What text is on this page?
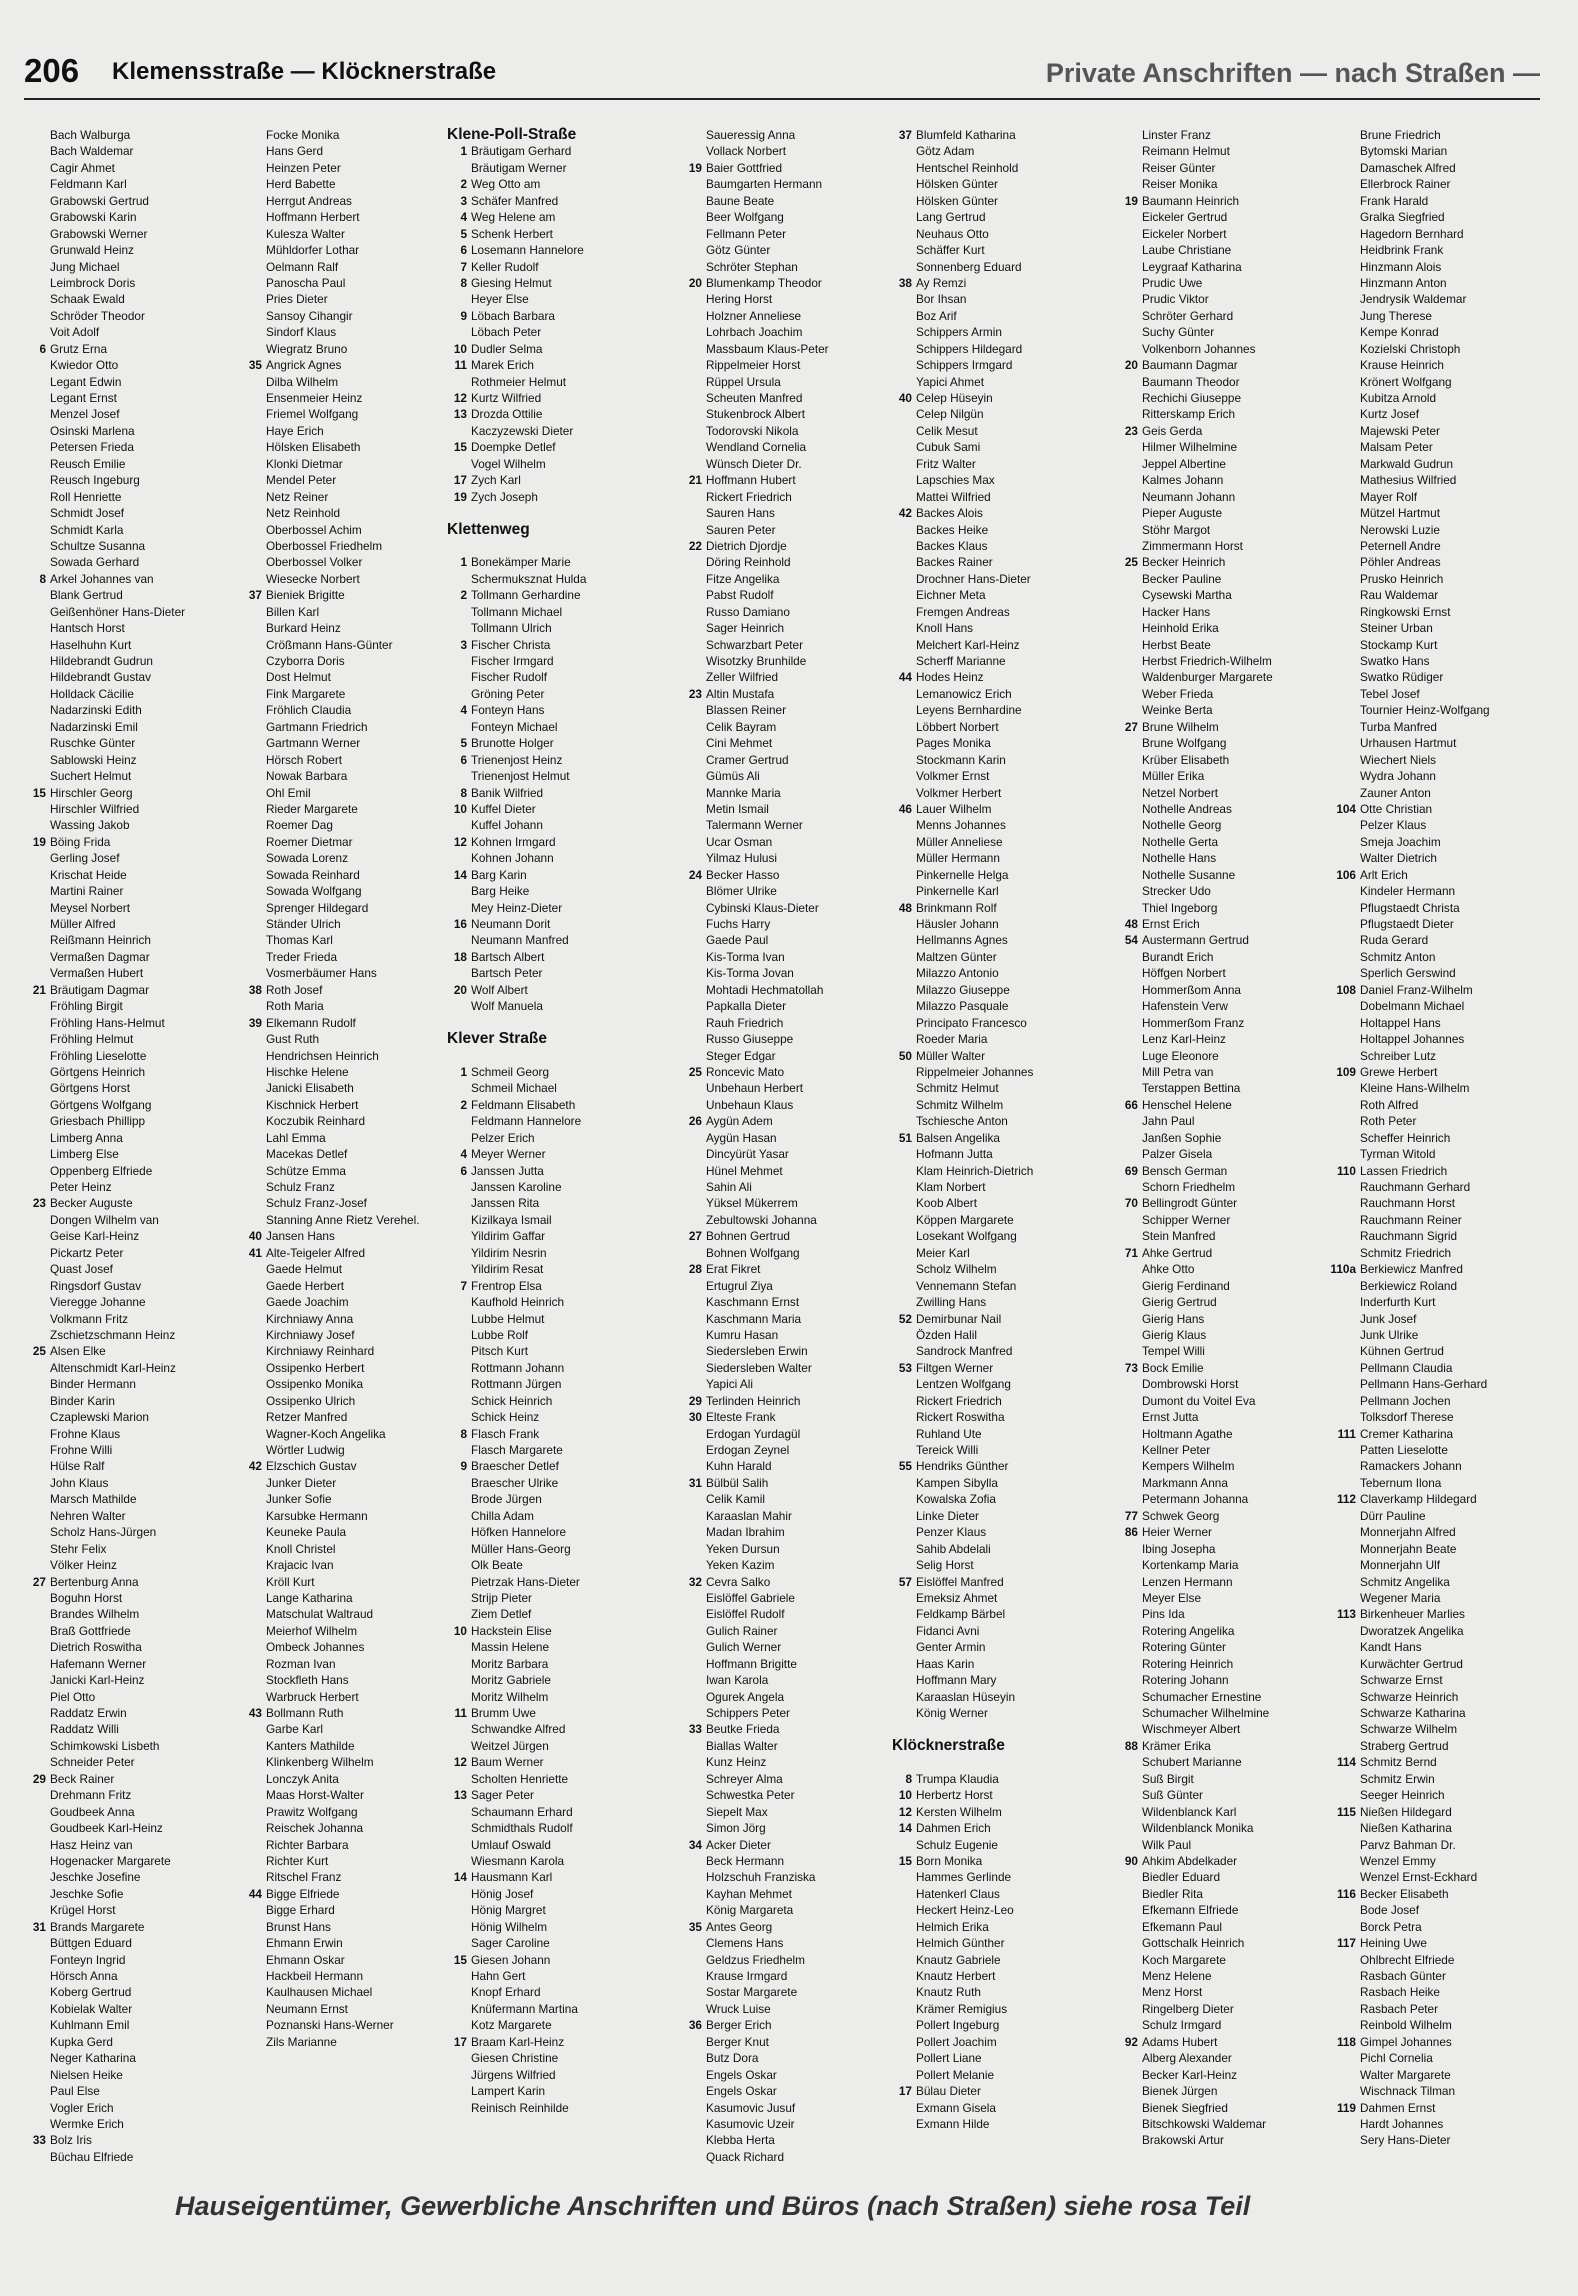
206 Klemensstraße — Klöcknerstraße	Private Anschriften — nach Straßen —
Bach Walburga
Bach Waldemar
Cagir Ahmet
Feldmann Karl
Grabowski Gertrud
Grabowski Karin
Grabowski Werner
Grunwald Heinz
Jung Michael
Leimbrock Doris
Schaak Ewald
Schröder Theodor
Voit Adolf
6 Grutz Erna
Kwiedor Otto
Legant Edwin
Legant Ernst
Menzel Josef
Osinski Marlena
Petersen Frieda
Reusch Emilie
Reusch Ingeburg
Roll Henriette
Schmidt Josef
Schmidt Karla
Schultze Susanna
Sowada Gerhard
8 Arkel Johannes van
Blank Gertrud
Geißenhöner Hans-Dieter
Hantsch Horst
Haselhuhn Kurt
Hildebrandt Gudrun
Hildebrandt Gustav
Holldack Cäcilie
Nadarzinski Edith
Nadarzinski Emil
Ruschke Günter
Sablowski Heinz
Suchert Helmut
15 Hirschler Georg
Hirschler Wilfried
Wassing Jakob
19 Böing Frida
Gerling Josef
Krischat Heide
Martini Rainer
Meysel Norbert
Müller Alfred
Reißmann Heinrich
Vermaßen Dagmar
Vermaßen Hubert
21 Bräutigam Dagmar
Fröhling Birgit
Fröhling Hans-Helmut
Fröhling Helmut
Fröhling Lieselotte
Görtgens Heinrich
Görtgens Horst
Görtgens Wolfgang
Griesbach Phillipp
Limberg Anna
Limberg Else
Oppenberg Elfriede
Peter Heinz
23 Becker Auguste
Dongen Wilhelm van
Geise Karl-Heinz
Pickartz Peter
Quast Josef
Ringsdorf Gustav
Vieregge Johanne
Volkmann Fritz
Zschietzschmann Heinz
25 Alsen Elke
Altenschmidt Karl-Heinz
Binder Hermann
Binder Karin
Czaplewski Marion
Frohne Klaus
Frohne Willi
Hülse Ralf
John Klaus
Marsch Mathilde
Nehren Walter
Scholz Hans-Jürgen
Stehr Felix
Völker Heinz
27 Bertenburg Anna
Boguhn Horst
Brandes Wilhelm
Braß Gottfriede
Dietrich Roswitha
Hafemann Werner
Janicki Karl-Heinz
Piel Otto
Raddatz Erwin
Raddatz Willi
Schimkowski Lisbeth
Schneider Peter
29 Beck Rainer
Drehmann Fritz
Goudbeek Anna
Goudbeek Karl-Heinz
Hasz Heinz van
Hogenacker Margarete
Jeschke Josefine
Jeschke Sofie
Krügel Horst
31 Brands Margarete
Büttgen Eduard
Fonteyn Ingrid
Hörsch Anna
Koberg Gertrud
Kobielak Walter
Kuhlmann Emil
Kupka Gerd
Neger Katharina
Nielsen Heike
Paul Else
Vogler Erich
Wermke Erich
33 Bolz Iris
Büchau Elfriede
Focke Monika
Hans Gerd
Heinzen Peter
Herd Babette
Herrgut Andreas
Hoffmann Herbert
Kulesza Walter
Mühldorfer Lothar
Oelmann Ralf
Panoscha Paul
Pries Dieter
Sansoy Cihangir
Sindorf Klaus
Wiegratz Bruno
35 Angrick Agnes
Dilba Wilhelm
Ensenmeier Heinz
Friemel Wolfgang
Haye Erich
Hölsken Elisabeth
Klonki Dietmar
Mendel Peter
Netz Reiner
Netz Reinhold
Oberbossel Achim
Oberbossel Friedhelm
Oberbossel Volker
Wiesecke Norbert
37 Bieniek Brigitte
Billen Karl
Burkard Heinz
Crößmann Hans-Günter
Czyborra Doris
Dost Helmut
Fink Margarete
Fröhlich Claudia
Gartmann Friedrich
Gartmann Werner
Hörsch Robert
Nowak Barbara
Ohl Emil
Rieder Margarete
Roemer Dag
Roemer Dietmar
Sowada Lorenz
Sowada Reinhard
Sowada Wolfgang
Sprenger Hildegard
Ständer Ulrich
Thomas Karl
Treder Frieda
Vosmerbäumer Hans
38 Roth Josef
Roth Maria
39 Elkemann Rudolf
Gust Ruth
Hendrichsen Heinrich
Hischke Helene
Janicki Elisabeth
Kischnick Herbert
Koczubik Reinhard
Lahl Emma
Macekas Detlef
Schütze Emma
Schulz Franz
Schulz Franz-Josef
Stanning Anne Rietz Verehel.
40 Jansen Hans
41 Alte-Teigeler Alfred
Gaede Helmut
Gaede Herbert
Gaede Joachim
Kirchniawy Anna
Kirchniawy Josef
Kirchniawy Reinhard
Ossipenko Herbert
Ossipenko Monika
Ossipenko Ulrich
Retzer Manfred
Wagner-Koch Angelika
Wörtler Ludwig
42 Elzschich Gustav
Junker Dieter
Junker Sofie
Karsubke Hermann
Keuneke Paula
Knoll Christel
Krajacic Ivan
Kröll Kurt
Lange Katharina
Matschulat Waltraud
Meierhof Wilhelm
Ombeck Johannes
Rozman Ivan
Stockfleth Hans
Warbruck Herbert
43 Bollmann Ruth
Garbe Karl
Kanters Mathilde
Klinkenberg Wilhelm
Lonczyk Anita
Maas Horst-Walter
Prawitz Wolfgang
Reischek Johanna
Richter Barbara
Richter Kurt
Ritschel Franz
44 Bigge Elfriede
Bigge Erhard
Brunst Hans
Ehmann Erwin
Ehmann Oskar
Hackbeil Hermann
Kaulhausen Michael
Neumann Ernst
Poznanski Hans-Werner
Zils Marianne
Klene-Poll-Straße
1 Bräutigam Gerhard
Bräutigam Werner
2 Weg Otto am
3 Schäfer Manfred
4 Weg Helene am
5 Schenk Herbert
6 Losemann Hannelore
7 Keller Rudolf
8 Giesing Helmut
Heyer Else
9 Löbach Barbara
Löbach Peter
10 Dudler Selma
11 Marek Erich
Rothmeier Helmut
12 Kurtz Wilfried
13 Drozda Ottilie
Kaczyzewski Dieter
15 Doempke Detlef
Vogel Wilhelm
17 Zych Karl
19 Zych Joseph
Klettenweg
1 Bonekämper Marie
Schermuksznat Hulda
2 Tollmann Gerhardine
Tollmann Michael
Tollmann Ulrich
3 Fischer Christa
Fischer Irmgard
Fischer Rudolf
Gröning Peter
4 Fonteyn Hans
Fonteyn Michael
5 Brunotte Holger
6 Trienenjost Heinz
Trienenjost Helmut
8 Banik Wilfried
10 Kuffel Dieter
Kuffel Johann
12 Kohnen Irmgard
Kohnen Johann
14 Barg Karin
Barg Heike
Mey Heinz-Dieter
16 Neumann Dorit
Neumann Manfred
18 Bartsch Albert
Bartsch Peter
20 Wolf Albert
Wolf Manuela
Klever Straße
1 Schmeil Georg
Schmeil Michael
2 Feldmann Elisabeth
Feldmann Hannelore
Pelzer Erich
4 Meyer Werner
6 Janssen Jutta
Janssen Karoline
Janssen Rita
Kizilkaya Ismail
Yildirim Gaffar
Yildirim Nesrin
Yildirim Resat
7 Frentrop Elsa
Kaufhold Heinrich
Lubbe Helmut
Lubbe Rolf
Pitsch Kurt
Rottmann Johann
Rottmann Jürgen
Schick Heinrich
Schick Heinz
8 Flasch Frank
Flasch Margarete
9 Braescher Detlef
Braescher Ulrike
Brode Jürgen
Chilla Adam
Höfken Hannelore
Müller Hans-Georg
Olk Beate
Pietrzak Hans-Dieter
Strijp Pieter
Ziem Detlef
10 Hackstein Elise
Massin Helene
Moritz Barbara
Moritz Gabriele
Moritz Wilhelm
11 Brumm Uwe
Schwandke Alfred
Weitzel Jürgen
12 Baum Werner
Scholten Henriette
13 Sager Peter
Schaumann Erhard
Schmidthals Rudolf
Umlauf Oswald
Wiesmann Karola
14 Hausmann Karl
Hönig Josef
Hönig Margret
Hönig Wilhelm
Sager Caroline
15 Giesen Johann
Hahn Gert
Knopf Erhard
Knüfermann Martina
Kotz Margarete
17 Braam Karl-Heinz
Giesen Christine
Jürgens Wilfried
Lampert Karin
Reinisch Reinhilde
Saueressig Anna
Vollack Norbert
19 Baier Gottfried
Baumgarten Hermann
Baune Beate
Beer Wolfgang
Fellmann Peter
Götz Günter
Schröter Stephan
20 Blumenkamp Theodor
Hering Horst
Holzner Anneliese
Lohrbach Joachim
Massbaum Klaus-Peter
Rippelmeier Horst
Rüppel Ursula
Scheuten Manfred
Stukenbrock Albert
Todorovski Nikola
Wendland Cornelia
Wünsch Dieter Dr.
21 Hoffmann Hubert
Rickert Friedrich
Sauren Hans
Sauren Peter
22 Dietrich Djordje
Döring Reinhold
Fitze Angelika
Pabst Rudolf
Russo Damiano
Sager Heinrich
Schwarzbart Peter
Wisotzky Brunhilde
Zeller Wilfried
23 Altin Mustafa
Blassen Reiner
Celik Bayram
Cini Mehmet
Cramer Gertrud
Gümüs Ali
Mannke Maria
Metin Ismail
Talermann Werner
Ucar Osman
Yilmaz Hulusi
24 Becker Hasso
Blömer Ulrike
Cybinski Klaus-Dieter
Fuchs Harry
Gaede Paul
Kis-Torma Ivan
Kis-Torma Jovan
Mohtadi Hechmatollah
Papkalla Dieter
Rauh Friedrich
Russo Giuseppe
Steger Edgar
25 Roncevic Mato
Unbehaun Herbert
Unbehaun Klaus
26 Aygün Adem
Aygün Hasan
Dincyürüt Yasar
Hünel Mehmet
Sahin Ali
Yüksel Mükerrem
Zebultowski Johanna
27 Bohnen Gertrud
Bohnen Wolfgang
28 Erat Fikret
Ertugrul Ziya
Kaschmann Ernst
Kaschmann Maria
Kumru Hasan
Siedersleben Erwin
Siedersleben Walter
Yapici Ali
29 Terlinden Heinrich
30 Elteste Frank
Erdogan Yurdagül
Erdogan Zeynel
Kuhn Harald
31 Bülbül Salih
Celik Kamil
Karaaslan Mahir
Madan Ibrahim
Yeken Dursun
Yeken Kazim
32 Cevra Salko
Eislöffel Gabriele
Eislöffel Rudolf
Gulich Rainer
Gulich Werner
Hoffmann Brigitte
Iwan Karola
Ogurek Angela
Schippers Peter
33 Beutke Frieda
Biallas Walter
Kunz Heinz
Schreyer Alma
Schwestka Peter
Siepelt Max
Simon Jörg
34 Acker Dieter
Beck Hermann
Holzschuh Franziska
Kayhan Mehmet
König Margareta
35 Antes Georg
Clemens Hans
Geldzus Friedhelm
Krause Irmgard
Sostar Margarete
Wruck Luise
36 Berger Erich
Berger Knut
Butz Dora
Engels Oskar
Engels Oskar
Kasumovic Jusuf
Kasumovic Uzeir
Klebba Herta
Quack Richard
37 Blumfeld Katharina
Götz Adam
Hentschel Reinhold
Hölsken Günter
Hölsken Günter
Lang Gertrud
Neuhaus Otto
Schäffer Kurt
Sonnenberg Eduard
38 Ay Remzi
Bor Ihsan
Boz Arif
Schippers Armin
Schippers Hildegard
Schippers Irmgard
Yapici Ahmet
40 Celep Hüseyin
Celep Nilgün
Celik Mesut
Cubuk Sami
Fritz Walter
Lapschies Max
Mattei Wilfried
42 Backes Alois
Backes Heike
Backes Klaus
Backes Rainer
Drochner Hans-Dieter
Eichner Meta
Fremgen Andreas
Knoll Hans
Melchert Karl-Heinz
Scherff Marianne
44 Hodes Heinz
Lemanowicz Erich
Leyens Bernhardine
Löbbert Norbert
Pages Monika
Stockmann Karin
Volkmer Ernst
Volkmer Herbert
46 Lauer Wilhelm
Menns Johannes
Müller Anneliese
Müller Hermann
Pinkernelle Helga
Pinkernelle Karl
48 Brinkmann Rolf
Häusler Johann
Hellmanns Agnes
Maltzen Günter
Milazzo Antonio
Milazzo Giuseppe
Milazzo Pasquale
Principato Francesco
Roeder Maria
50 Müller Walter
Rippelmeier Johannes
Schmitz Helmut
Schmitz Wilhelm
Tschiesche Anton
51 Balsen Angelika
Hofmann Jutta
Klam Heinrich-Dietrich
Klam Norbert
Koob Albert
Köppen Margarete
Losekant Wolfgang
Meier Karl
Scholz Wilhelm
Vennemann Stefan
Zwilling Hans
52 Demirbunar Nail
Özden Halil
Sandrock Manfred
53 Filtgen Werner
Lentzen Wolfgang
Rickert Friedrich
Rickert Roswitha
Ruhland Ute
Tereick Willi
55 Hendriks Günther
Kampen Sibylla
Kowalska Zofia
Linke Dieter
Penzer Klaus
Sahib Abdelali
Selig Horst
57 Eislöffel Manfred
Emeksiz Ahmet
Feldkamp Bärbel
Fidanci Avni
Genter Armin
Haas Karin
Hoffmann Mary
Karaaslan Hüseyin
König Werner
Klöcknerstraße
8 Trumpa Klaudia
10 Herbertz Horst
12 Kersten Wilhelm
14 Dahmen Erich
Schulz Eugenie
15 Born Monika
Hammes Gerlinde
Hatenkerl Claus
Heckert Heinz-Leo
Helmich Erika
Helmich Günther
Knautz Gabriele
Knautz Herbert
Knautz Ruth
Krämer Remigius
Pollert Ingeburg
Pollert Joachim
Pollert Liane
Pollert Melanie
17 Bülau Dieter
Exmann Gisela
Exmann Hilde
Linster Franz
Reimann Helmut
Reiser Günter
Reiser Monika
19 Baumann Heinrich
Eickeler Gertrud
Eickeler Norbert
Laube Christiane
Leygraaf Katharina
Prudic Uwe
Prudic Viktor
Schröter Gerhard
Suchy Günter
Volkenborn Johannes
20 Baumann Dagmar
Baumann Theodor
Rechichi Giuseppe
Ritterskamp Erich
23 Geis Gerda
Hilmer Wilhelmine
Jeppel Albertine
Kalmes Johann
Neumann Johann
Pieper Auguste
Stöhr Margot
Zimmermann Horst
25 Becker Heinrich
Becker Pauline
Cysewski Martha
Hacker Hans
Heinhold Erika
Herbst Beate
Herbst Friedrich-Wilhelm
Waldenburger Margarete
Weber Frieda
Weinke Berta
27 Brune Wilhelm
Brune Wolfgang
Krüber Elisabeth
Müller Erika
Netzel Norbert
Nothelle Andreas
Nothelle Georg
Nothelle Gerta
Nothelle Hans
Nothelle Susanne
Strecker Udo
Thiel Ingeborg
48 Ernst Erich
54 Austermann Gertrud
Burandt Erich
Höffgen Norbert
Hommerßom Anna
Hafenstein Verw
Hommerßom Franz
Lenz Karl-Heinz
Luge Eleonore
Mill Petra van
Terstappen Bettina
66 Henschel Helene
Jahn Paul
Janßen Sophie
Palzer Gisela
69 Bensch German
Schorn Friedhelm
70 Bellingrodt Günter
Schipper Werner
Stein Manfred
71 Ahke Gertrud
Ahke Otto
Gierig Ferdinand
Gierig Gertrud
Gierig Hans
Gierig Klaus
Tempel Willi
73 Bock Emilie
Dombrowski Horst
Dumont du Voitel Eva
Ernst Jutta
Holtmann Agathe
Kellner Peter
Kempers Wilhelm
Markmann Anna
Petermann Johanna
77 Schwek Georg
86 Heier Werner
Ibing Josepha
Kortenkamp Maria
Lenzen Hermann
Meyer Else
Pins Ida
Rotering Angelika
Rotering Günter
Rotering Heinrich
Rotering Johann
Schumacher Ernestine
Schumacher Wilhelmine
Wischmeyer Albert
88 Krämer Erika
Schubert Marianne
Suß Birgit
Suß Günter
Wildenblanck Karl
Wildenblanck Monika
Wilk Paul
90 Ahkim Abdelkader
Biedler Eduard
Biedler Rita
Efkemann Elfriede
Efkemann Paul
Gottschalk Heinrich
Koch Margarete
Menz Helene
Menz Horst
Ringelberg Dieter
Schulz Irmgard
92 Adams Hubert
Alberg Alexander
Becker Karl-Heinz
Bienek Jürgen
Bienek Siegfried
Bitschkowski Waldemar
Brakowski Artur
Brune Friedrich
Bytomski Marian
Damaschek Alfred
Ellerbrock Rainer
Frank Harald
Gralka Siegfried
Hagedorn Bernhard
Heidbrink Frank
Hinzmann Alois
Hinzmann Anton
Jendrysik Waldemar
Jung Therese
Kempe Konrad
Kozielski Christoph
Krause Heinrich
Krönert Wolfgang
Kubitza Arnold
Kurtz Josef
Majewski Peter
Malsam Peter
Markwald Gudrun
Mathesius Wilfried
Mayer Rolf
Mützel Hartmut
Nerowski Luzie
Peternell Andre
Pöhler Andreas
Prusko Heinrich
Rau Waldemar
Ringkowski Ernst
Steiner Urban
Stockamp Kurt
Swatko Hans
Swatko Rüdiger
Tebel Josef
Tournier Heinz-Wolfgang
Turba Manfred
Urhausen Hartmut
Wiechert Niels
Wydra Johann
Zauner Anton
104 Otte Christian
Pelzer Klaus
Smeja Joachim
Walter Dietrich
106 Arlt Erich
Kindeler Hermann
Pflugstaedt Christa
Pflugstaedt Dieter
Ruda Gerard
Schmitz Anton
Sperlich Gerswind
108 Daniel Franz-Wilhelm
Dobelmann Michael
Holtappel Hans
Holtappel Johannes
Schreiber Lutz
109 Grewe Herbert
Kleine Hans-Wilhelm
Roth Alfred
Roth Peter
Scheffer Heinrich
Tyrman Witold
110 Lassen Friedrich
Rauchmann Gerhard
Rauchmann Horst
Rauchmann Reiner
Rauchmann Sigrid
Schmitz Friedrich
110a Berkiewicz Manfred
Berkiewicz Roland
Inderfurth Kurt
Junk Josef
Junk Ulrike
Kühnen Gertrud
Pellmann Claudia
Pellmann Hans-Gerhard
Pellmann Jochen
Tolksdorf Therese
111 Cremer Katharina
Patten Lieselotte
Ramackers Johann
Tebernum Ilona
112 Claverkamp Hildegard
Dürr Pauline
Monnerjahn Alfred
Monnerjahn Beate
Monnerjahn Ulf
Schmitz Angelika
Wegener Maria
113 Birkenheuer Marlies
Dworatzek Angelika
Kandt Hans
Kurwächter Gertrud
Schwarze Ernst
Schwarze Heinrich
Schwarze Katharina
Schwarze Wilhelm
Straberg Gertrud
114 Schmitz Bernd
Schmitz Erwin
Seeger Heinrich
115 Nießen Hildegard
Nießen Katharina
Parvz Bahman Dr.
Wenzel Emmy
Wenzel Ernst-Eckhard
116 Becker Elisabeth
Bode Josef
Borck Petra
117 Heining Uwe
Ohlbrecht Elfriede
Rasbach Günter
Rasbach Heike
Rasbach Peter
Reinbold Wilhelm
118 Gimpel Johannes
Pichl Cornelia
Walter Margarete
Wischnack Tilman
119 Dahmen Ernst
Hardt Johannes
Sery Hans-Dieter
Hauseigentümer, Gewerbliche Anschriften und Büros (nach Straßen) siehe rosa Teil
